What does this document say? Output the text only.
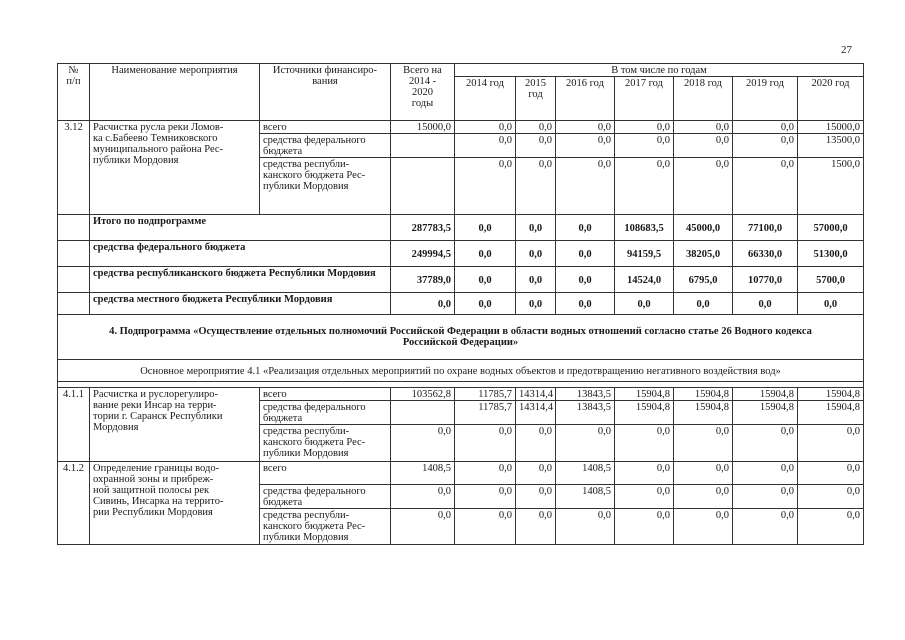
27
№
п/п	Наименование мероприятия	Источники финансиро-
вания	Всего на
2014 -
2020
годы	В том числе по годам						
				2014 год	2015
год	2016 год	2017 год	2018 год	2019 год	2020 год
3.12	Расчистка русла реки Ломов-
ка с.Бабеево Темниковского
муниципального района Рес-
публики Мордовия	всего	15000,0	0,0	0,0	0,0	0,0	0,0	0,0	15000,0
		средства федерального
бюджета		0,0	0,0	0,0	0,0	0,0	0,0	13500,0
		средства республи-
канского бюджета Рес-
публики Мордовия		0,0	0,0	0,0	0,0	0,0	0,0	1500,0
	Итого по подпрограмме		287783,5	0,0	0,0	0,0	108683,5	45000,0	77100,0	57000,0
	средства федерального бюджета		249994,5	0,0	0,0	0,0	94159,5	38205,0	66330,0	51300,0
	средства республиканского бюджета Республики Мордовия		37789,0	0,0	0,0	0,0	14524,0	6795,0	10770,0	5700,0
	средства местного бюджета Республики Мордовия		0,0	0,0	0,0	0,0	0,0	0,0	0,0	0,0
4. Подпрограмма «Осуществление отдельных полномочий Российской Федерации в области водных отношений согласно статье 26 Водного кодекса Российской Федерации»										
Основное мероприятие 4.1 «Реализация отдельных мероприятий по охране водных объектов и предотвращению негативного воздействия вод»										

4.1.1	Расчистка и руслорегулиро-
вание реки Инсар на терри-
тории г. Саранск Республики
Мордовия	всего	103562,8	11785,7	14314,4	13843,5	15904,8	15904,8	15904,8	15904,8
		средства федерального
бюджета		11785,7	14314,4	13843,5	15904,8	15904,8	15904,8	15904,8
		средства республи-
канского бюджета Рес-
публики Мордовия	0,0	0,0	0,0	0,0	0,0	0,0	0,0	0,0
4.1.2	Определение границы водо-
охранной зоны и прибреж-
ной защитной полосы рек
Сивинь, Инсарка на террито-
рии Республики Мордовия	всего	1408,5	0,0	0,0	1408,5	0,0	0,0	0,0	0,0
		средства федерального
бюджета	0,0	0,0	0,0	1408,5	0,0	0,0	0,0	0,0
		средства республи-
канского бюджета Рес-
публики Мордовия	0,0	0,0	0,0	0,0	0,0	0,0	0,0	0,0
